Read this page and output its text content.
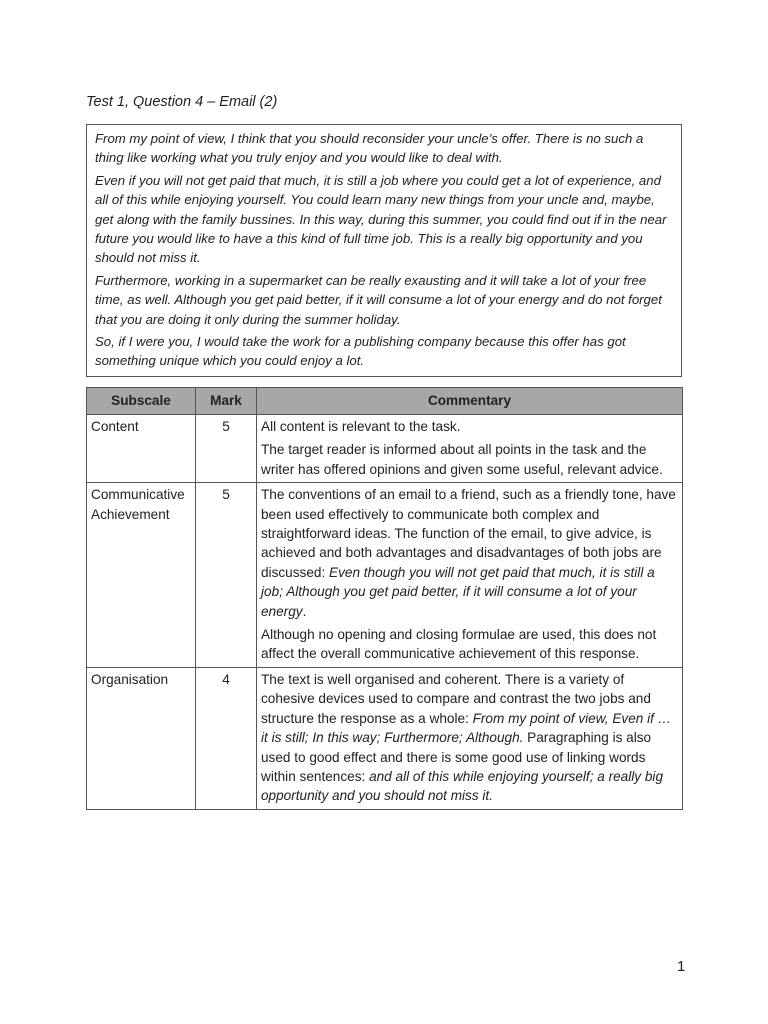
Test 1, Question 4 – Email (2)

From my point of view, I think that you should reconsider your uncle’s offer. There is no such a thing like working what you truly enjoy and you would like to deal with.

Even if you will not get paid that much, it is still a job where you could get a lot of experience, and all of this while enjoying yourself. You could learn many new things from your uncle and, maybe, get along with the family bussines. In this way, during this summer, you could find out if in the near future you would like to have a this kind of full time job. This is a really big opportunity and you should not miss it.

Furthermore, working in a supermarket can be really exausting and it will take a lot of your free time, as well. Although you get paid better, if it will consume a lot of your energy and do not forget that you are doing it only during the summer holiday.

So, if I were you, I would take the work for a publishing company because this offer has got something unique which you could enjoy a lot.

Subscale	Mark	Commentary
Content	5	All content is relevant to the task.

The target reader is informed about all points in the task and the writer has offered opinions and given some useful, relevant advice.

Communicative Achievement	5	The conventions of an email to a friend, such as a friendly tone, have been used effectively to communicate both complex and straightforward ideas. The function of the email, to give advice, is achieved and both advantages and disadvantages of both jobs are discussed: Even though you will not get paid that much, it is still a job; Although you get paid better, if it will consume a lot of your energy.

Although no opening and closing formulae are used, this does not affect the overall communicative achievement of this response.

Organisation	4	The text is well organised and coherent. There is a variety of cohesive devices used to compare and contrast the two jobs and structure the response as a whole: From my point of view, Even if … it is still; In this way; Furthermore; Although. Paragraphing is also used to good effect and there is some good use of linking words within sentences: and all of this while enjoying yourself; a really big opportunity and you should not miss it.

1
